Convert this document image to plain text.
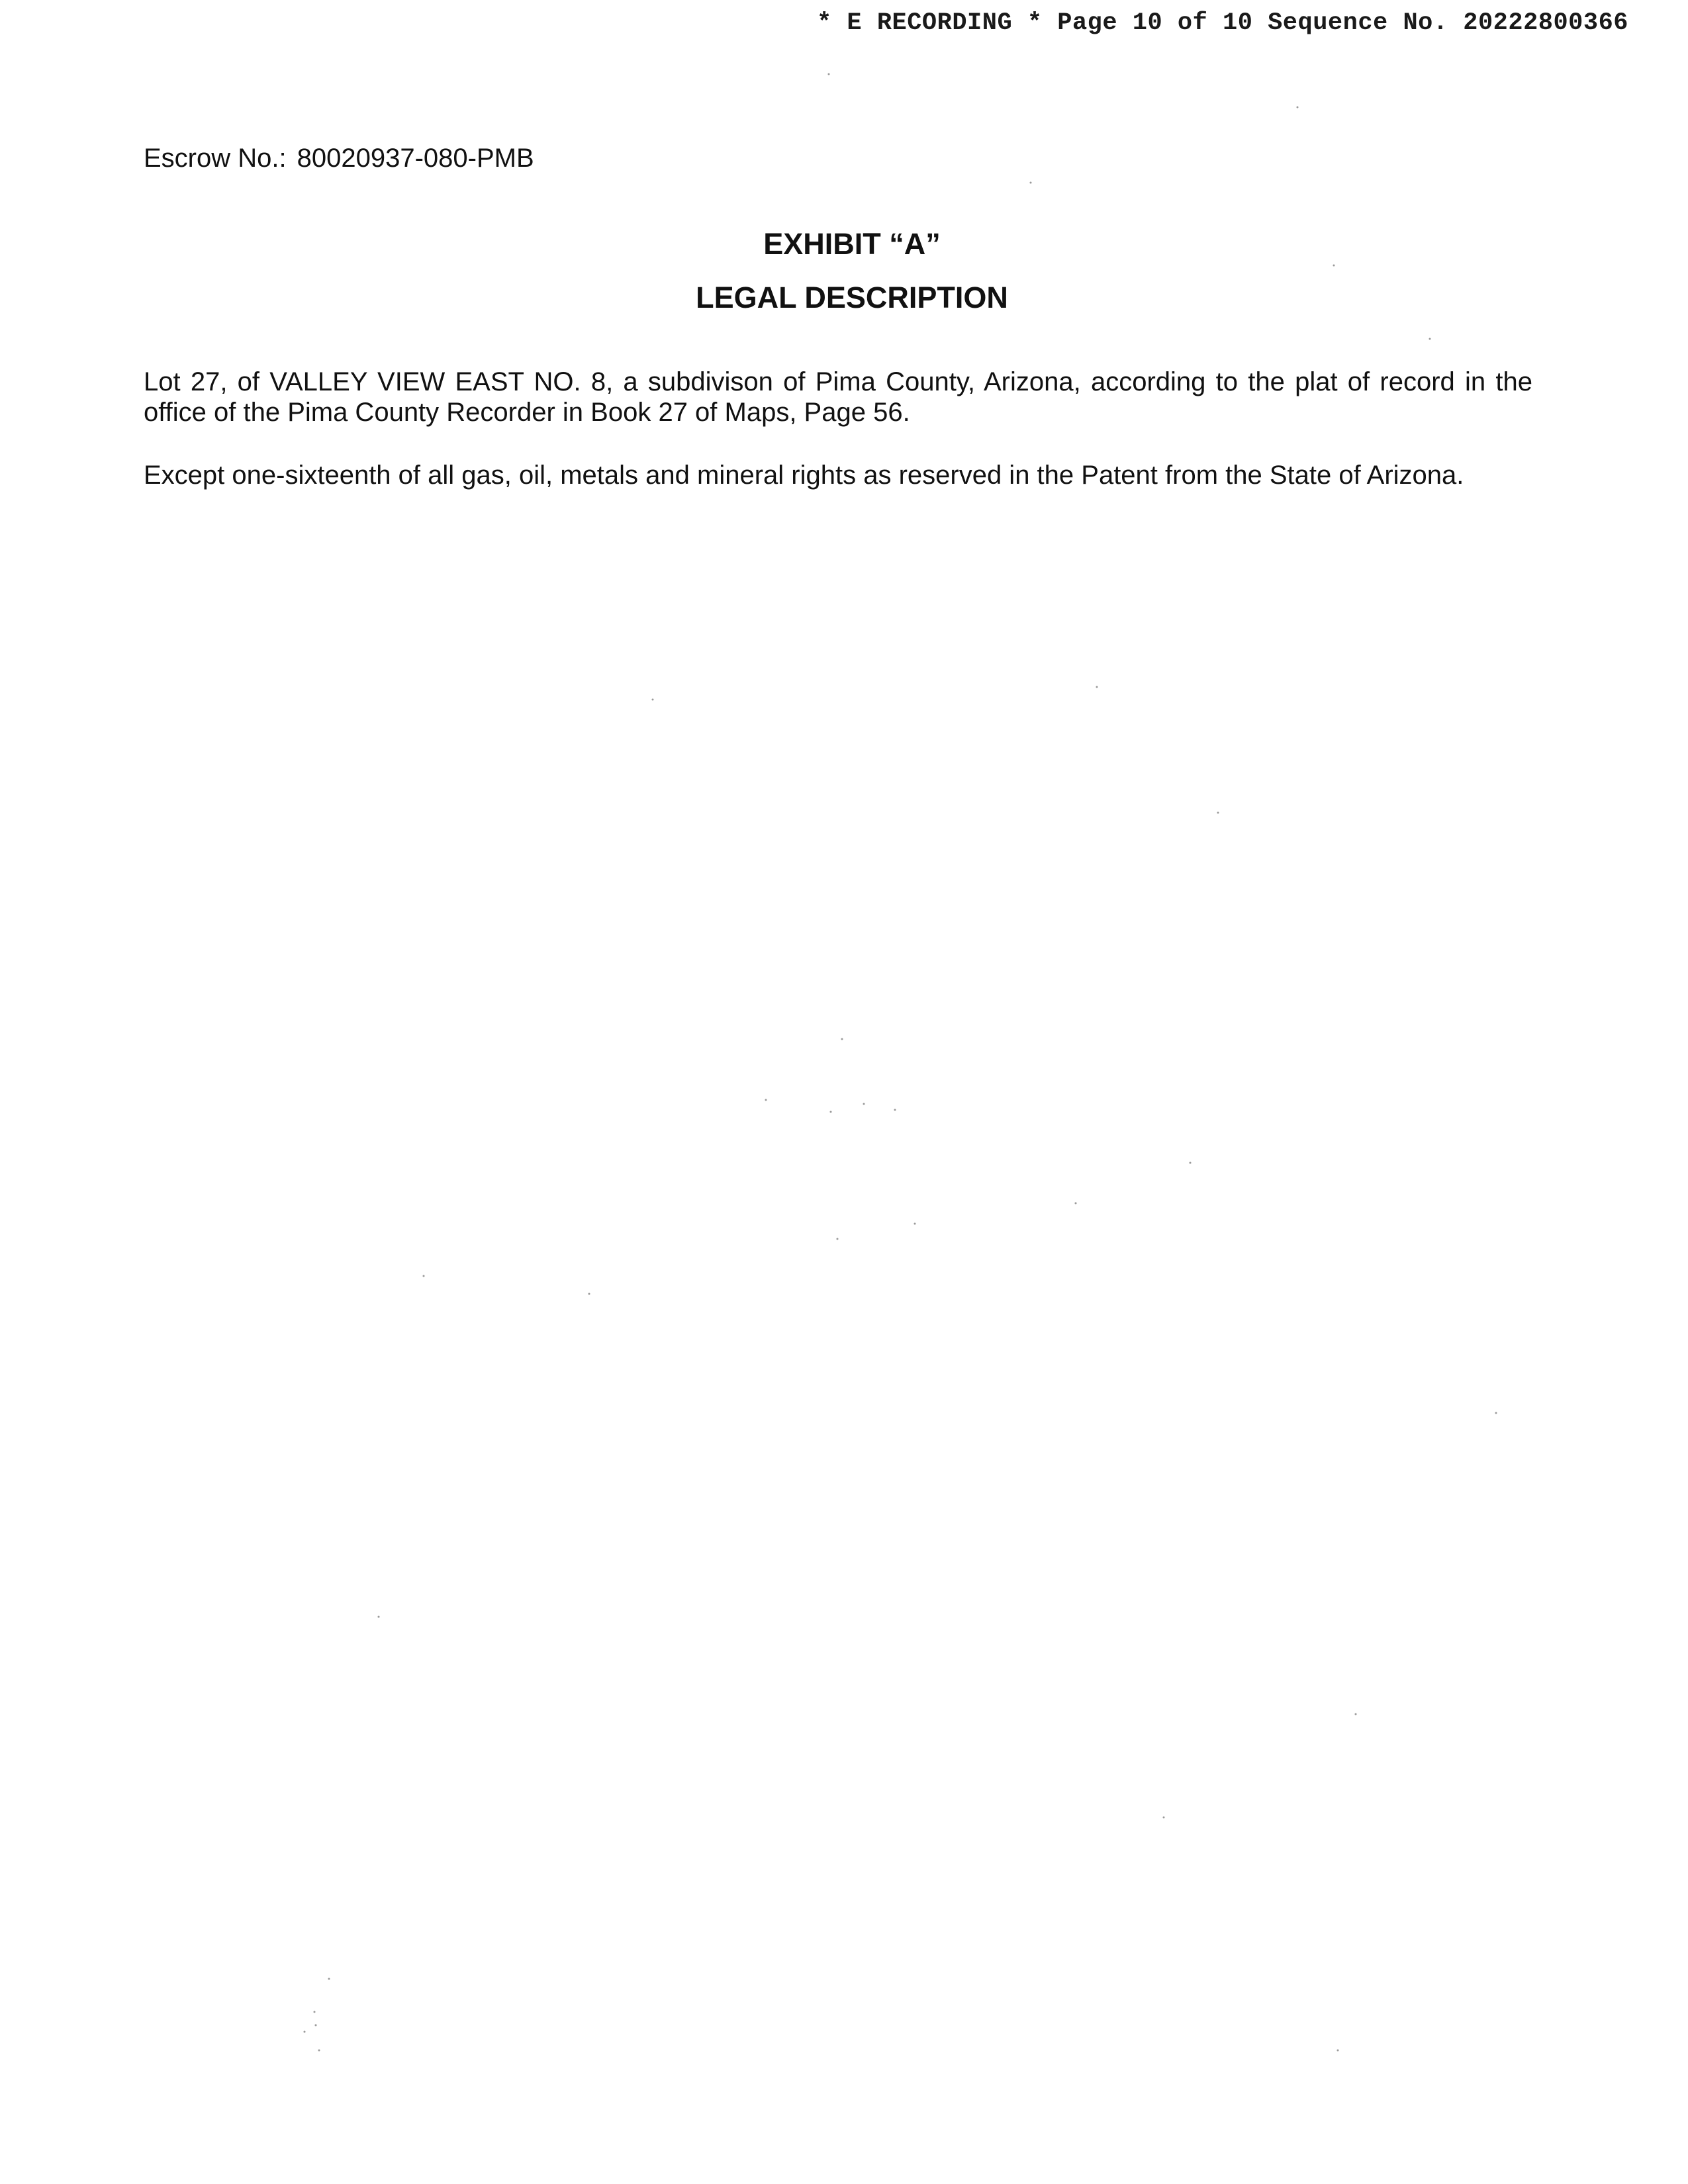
* E RECORDING * Page 10 of 10 Sequence No. 20222800366
Escrow No.: 80020937-080-PMB
EXHIBIT “A”
LEGAL DESCRIPTION
Lot 27, of VALLEY VIEW EAST NO. 8, a subdivison of Pima County, Arizona, according to the plat of record in the office of the Pima County Recorder in Book 27 of Maps, Page 56.
Except one-sixteenth of all gas, oil, metals and mineral rights as reserved in the Patent from the State of Arizona.
